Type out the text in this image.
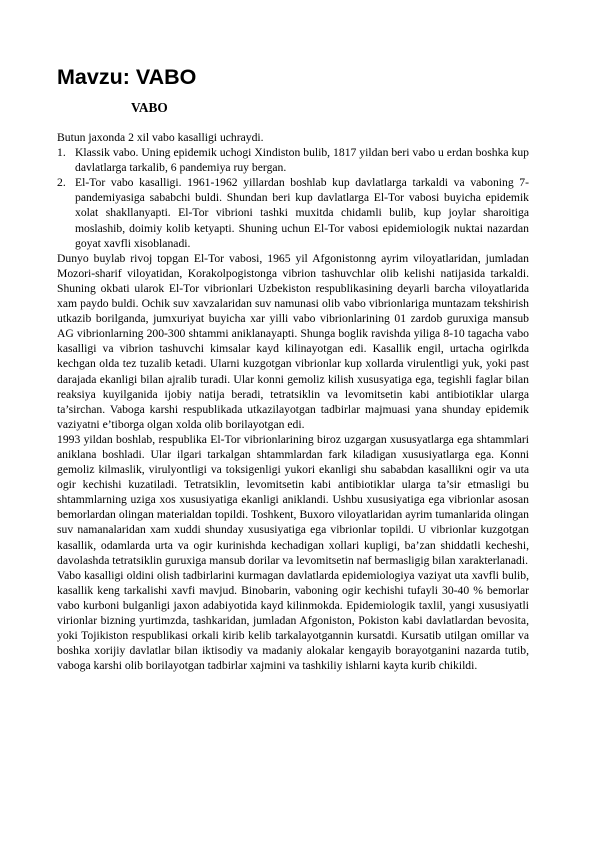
Mavzu: VABO
VABO

Butun jaxonda 2 xil vabo kasalligi uchraydi.

1. Klassik vabo. Uning epidemik uchogi Xindiston bulib, 1817 yildan beri vabo u erdan boshka kup davlatlarga tarkalib, 6 pandemiya ruy bergan.
2. El-Tor vabo kasalligi. 1961-1962 yillardan boshlab kup davlatlarga tarkaldi va vaboning 7-pandemiyasiga sababchi buldi. Shundan beri kup davlatlarga El-Tor vabosi buyicha epidemik xolat shakllanyapti. El-Tor vibrioni tashki muxitda chidamli bulib, kup joylar sharoitiga moslashib, doimiy kolib ketyapti. Shuning uchun El-Tor vabosi epidemiologik nuktai nazardan goyat xavfli xisoblanadi.

Dunyo buylab rivoj topgan El-Tor vabosi, 1965 yil Afgonistonng ayrim viloyatlaridan, jumladan Mozori-sharif viloyatidan, Korakolpogistonga vibrion tashuvchlar olib kelishi natijasida tarkaldi. Shuning okbati ularok El-Tor vibrionlari Uzbekiston respublikasining deyarli barcha viloyatlarida xam paydo buldi. Ochik suv xavzalaridan suv namunasi olib vabo vibrionlariga muntazam tekshirish utkazib borilganda, jumxuriyat buyicha xar yilli vabo vibrionlarining 01 zardob guruxiga mansub AG vibrionlarning 200-300 shtammi aniklanayapti. Shunga boglik ravishda yiliga 8-10 tagacha vabo kasalligi va vibrion tashuvchi kimsalar kayd kilinayotgan edi. Kasallik engil, urtacha ogirlkda kechgan olda tez tuzalib ketadi. Ularni kuzgotgan vibrionlar kup xollarda virulentligi yuk, yoki past darajada ekanligi bilan ajralib turadi. Ular konni gemoliz kilish xususyatiga ega, tegishli faglar bilan reaksiya kuyilganida ijobiy natija beradi, tetratsiklin va levomitsetin kabi antibiotiklar ularga ta’sirchan. Vaboga karshi respublikada utkazilayotgan tadbirlar majmuasi yana shunday epidemik vaziyatni e’tiborga olgan xolda olib borilayotgan edi.

1993 yildan boshlab, respublika El-Tor vibrionlarining biroz uzgargan xususyatlarga ega shtammlari aniklana boshladi. Ular ilgari tarkalgan shtammlardan fark kiladigan xususiyatlarga ega. Konni gemoliz kilmaslik, virulyontligi va toksigenligi yukori ekanligi shu sababdan kasallikni ogir va uta ogir kechishi kuzatiladi. Tetratsiklin, levomitsetin kabi antibiotiklar ularga ta’sir etmasligi bu shtammlarning uziga xos xususiyatiga ekanligi aniklandi. Ushbu xususiyatiga ega vibrionlar asosan bemorlardan olingan materialdan topildi. Toshkent, Buxoro viloyatlaridan ayrim tumanlarida olingan suv namanalaridan xam xuddi shunday xususiyatiga ega vibrionlar topildi. U vibrionlar kuzgotgan kasallik, odamlarda urta va ogir kurinishda kechadigan xollari kupligi, ba’zan shiddatli kecheshi, davolashda tetratsiklin guruxiga mansub dorilar va levomitsetin naf bermasligig bilan xarakterlanadi.

Vabo kasalligi oldini olish tadbirlarini kurmagan davlatlarda epidemiologiya vaziyat uta xavfli bulib, kasallik keng tarkalishi xavfi mavjud. Binobarin, vaboning ogir kechishi tufayli 30-40 % bemorlar vabo kurboni bulganligi jaxon adabiyotida kayd kilinmokda. Epidemiologik taxlil, yangi xususiyatli virionlar bizning yurtimzda, tashkaridan, jumladan Afgoniston, Pokiston kabi davlatlardan bevosita, yoki Tojikiston respublikasi orkali kirib kelib tarkalayotgannin kursatdi. Kursatib utilgan omillar va boshka xorijiy davlatlar bilan iktisodiy va madaniy alokalar kengayib borayotganini nazarda tutib, vaboga karshi olib borilayotgan tadbirlar xajmini va tashkiliy ishlarni kayta kurib chikildi.
